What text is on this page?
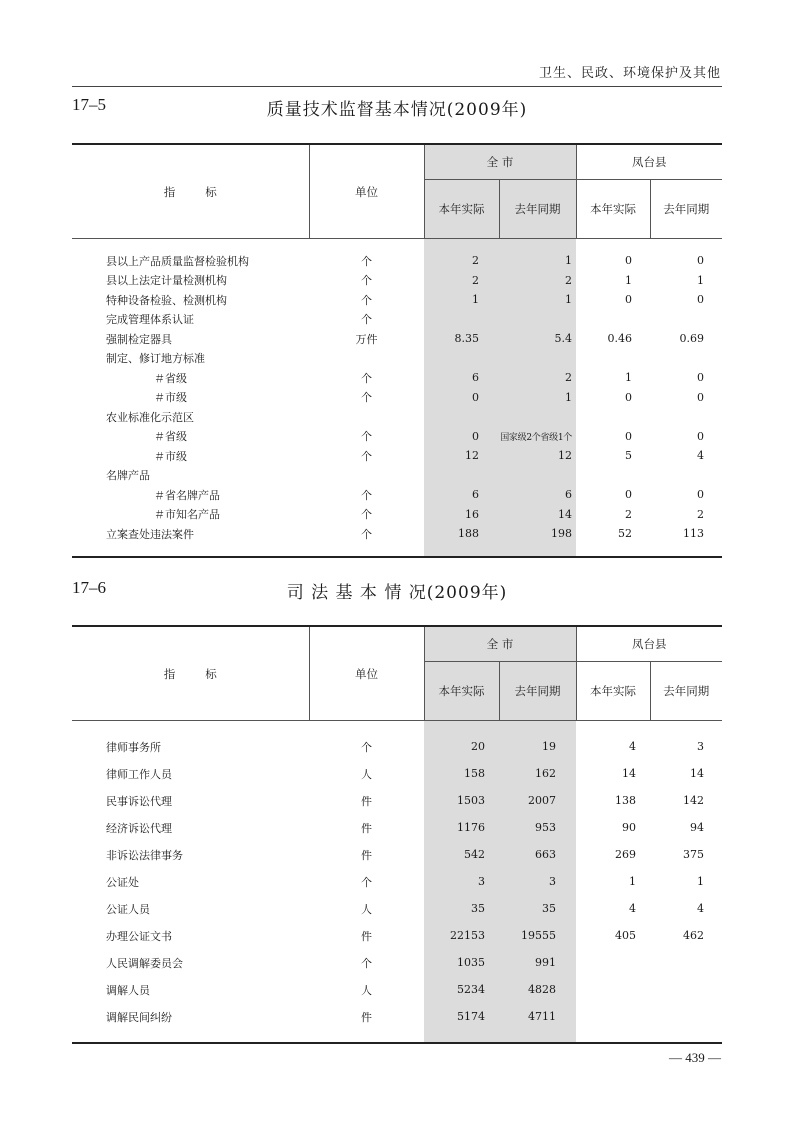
卫生、民政、环境保护及其他
质量技术监督基本情况(2009年)
17–5
指标	单位	全 市		凤台县	
		本年实际	去年同期	本年实际	去年同期

县以上产品质量监督检验机构	个	2	1	0	0
县以上法定计量检测机构	个	2	2	1	1
特种设备检验、检测机构	个	1	1	0	0
完成管理体系认证	个				
强制检定器具	万件	8.35	5.4	0.46	0.69
制定、修订地方标准					
＃省级	个	6	2	1	0
＃市级	个	0	1	0	0
农业标准化示范区					
＃省级	个	0	国家级2个省级1个	0	0
＃市级	个	12	12	5	4
名牌产品					
＃省名牌产品	个	6	6	0	0
＃市知名产品	个	16	14	2	2
立案查处违法案件	个	188	198	52	113

司 法 基 本 情 况(2009年)
17–6
指标	单位	全 市		凤台县	
		本年实际	去年同期	本年实际	去年同期

律师事务所	个	20	19	4	3
律师工作人员	人	158	162	14	14
民事诉讼代理	件	1503	2007	138	142
经济诉讼代理	件	1176	953	90	94
非诉讼法律事务	件	542	663	269	375
公证处	个	3	3	1	1
公证人员	人	35	35	4	4
办理公证文书	件	22153	19555	405	462
人民调解委员会	个	1035	991		
调解人员	人	5234	4828		
调解民间纠纷	件	5174	4711		

— 439 —
